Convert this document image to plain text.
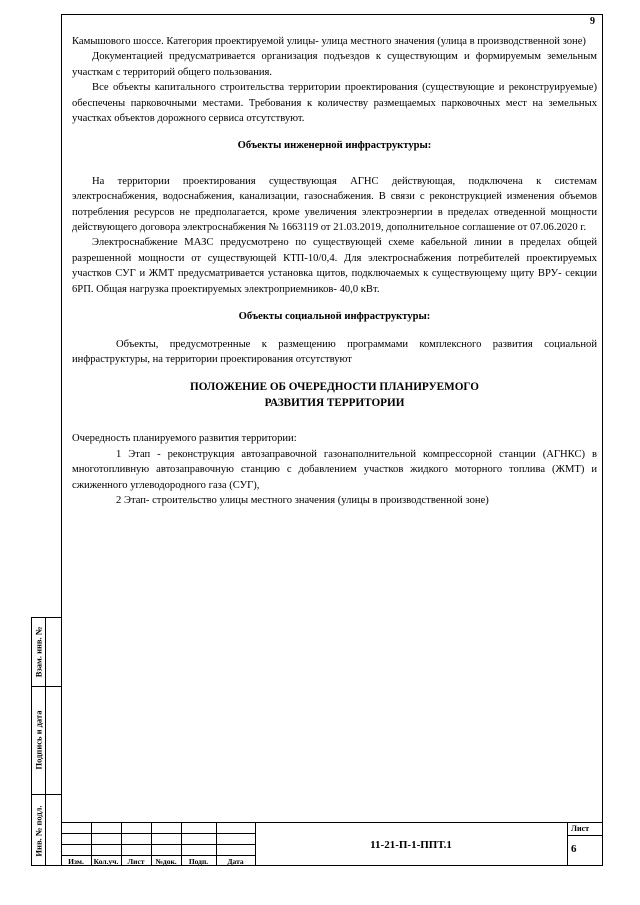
9

Камышового шоссе. Категория проектируемой улицы- улица местного значения (улица в производственной зоне)

Документацией предусматривается организация подъездов к существующим и формируемым земельным участкам с территорий общего пользования.

Все объекты капитального строительства территории проектирования (существующие и реконструируемые) обеспечены парковочными местами. Требования к количеству размещаемых парковочных мест на земельных участках объектов дорожного сервиса отсутствуют.

Объекты инженерной инфраструктуры:

На территории проектирования существующая АГНС действующая, подключена к системам электроснабжения, водоснабжения, канализации, газоснабжения. В связи с реконструкцией изменения объемов потребления ресурсов не предполагается, кроме увеличения электроэнергии в пределах отведенной мощности действующего договора электроснабжения № 1663119 от 21.03.2019, дополнительное соглашение от 07.06.2020 г.

Электроснабжение МАЗС предусмотрено по существующей схеме кабельной линии в пределах общей разрешенной мощности от существующей КТП-10/0,4. Для электроснабжения потребителей проектируемых участков СУГ и ЖМТ предусматривается установка щитов, подключаемых к существующему щиту ВРУ- секции 6РП. Общая нагрузка проектируемых электроприемников- 40,0 кВт.

Объекты социальной инфраструктуры:

Объекты, предусмотренные к размещению программами комплексного развития социальной инфраструктуры, на территории проектирования отсутствуют

ПОЛОЖЕНИЕ ОБ ОЧЕРЕДНОСТИ ПЛАНИРУЕМОГО

РАЗВИТИЯ ТЕРРИТОРИИ

Очередность планируемого развития территории:

1 Этап - реконструкция автозаправочной газонаполнительной компрессорной станции (АГНКС) в многотопливную автозаправочную станцию с добавлением участков жидкого моторного топлива (ЖМТ) и сжиженного углеводородного газа (СУГ),

2 Этап- строительство улицы местного значения (улицы в производственной зоне)

Взам. инв. №
Подпись и дата
Инв. № подл.
Изм.	Кол.уч.	Лист	№док.	Подп.	Дата
11-21-П-1-ППТ.1
Лист
6
